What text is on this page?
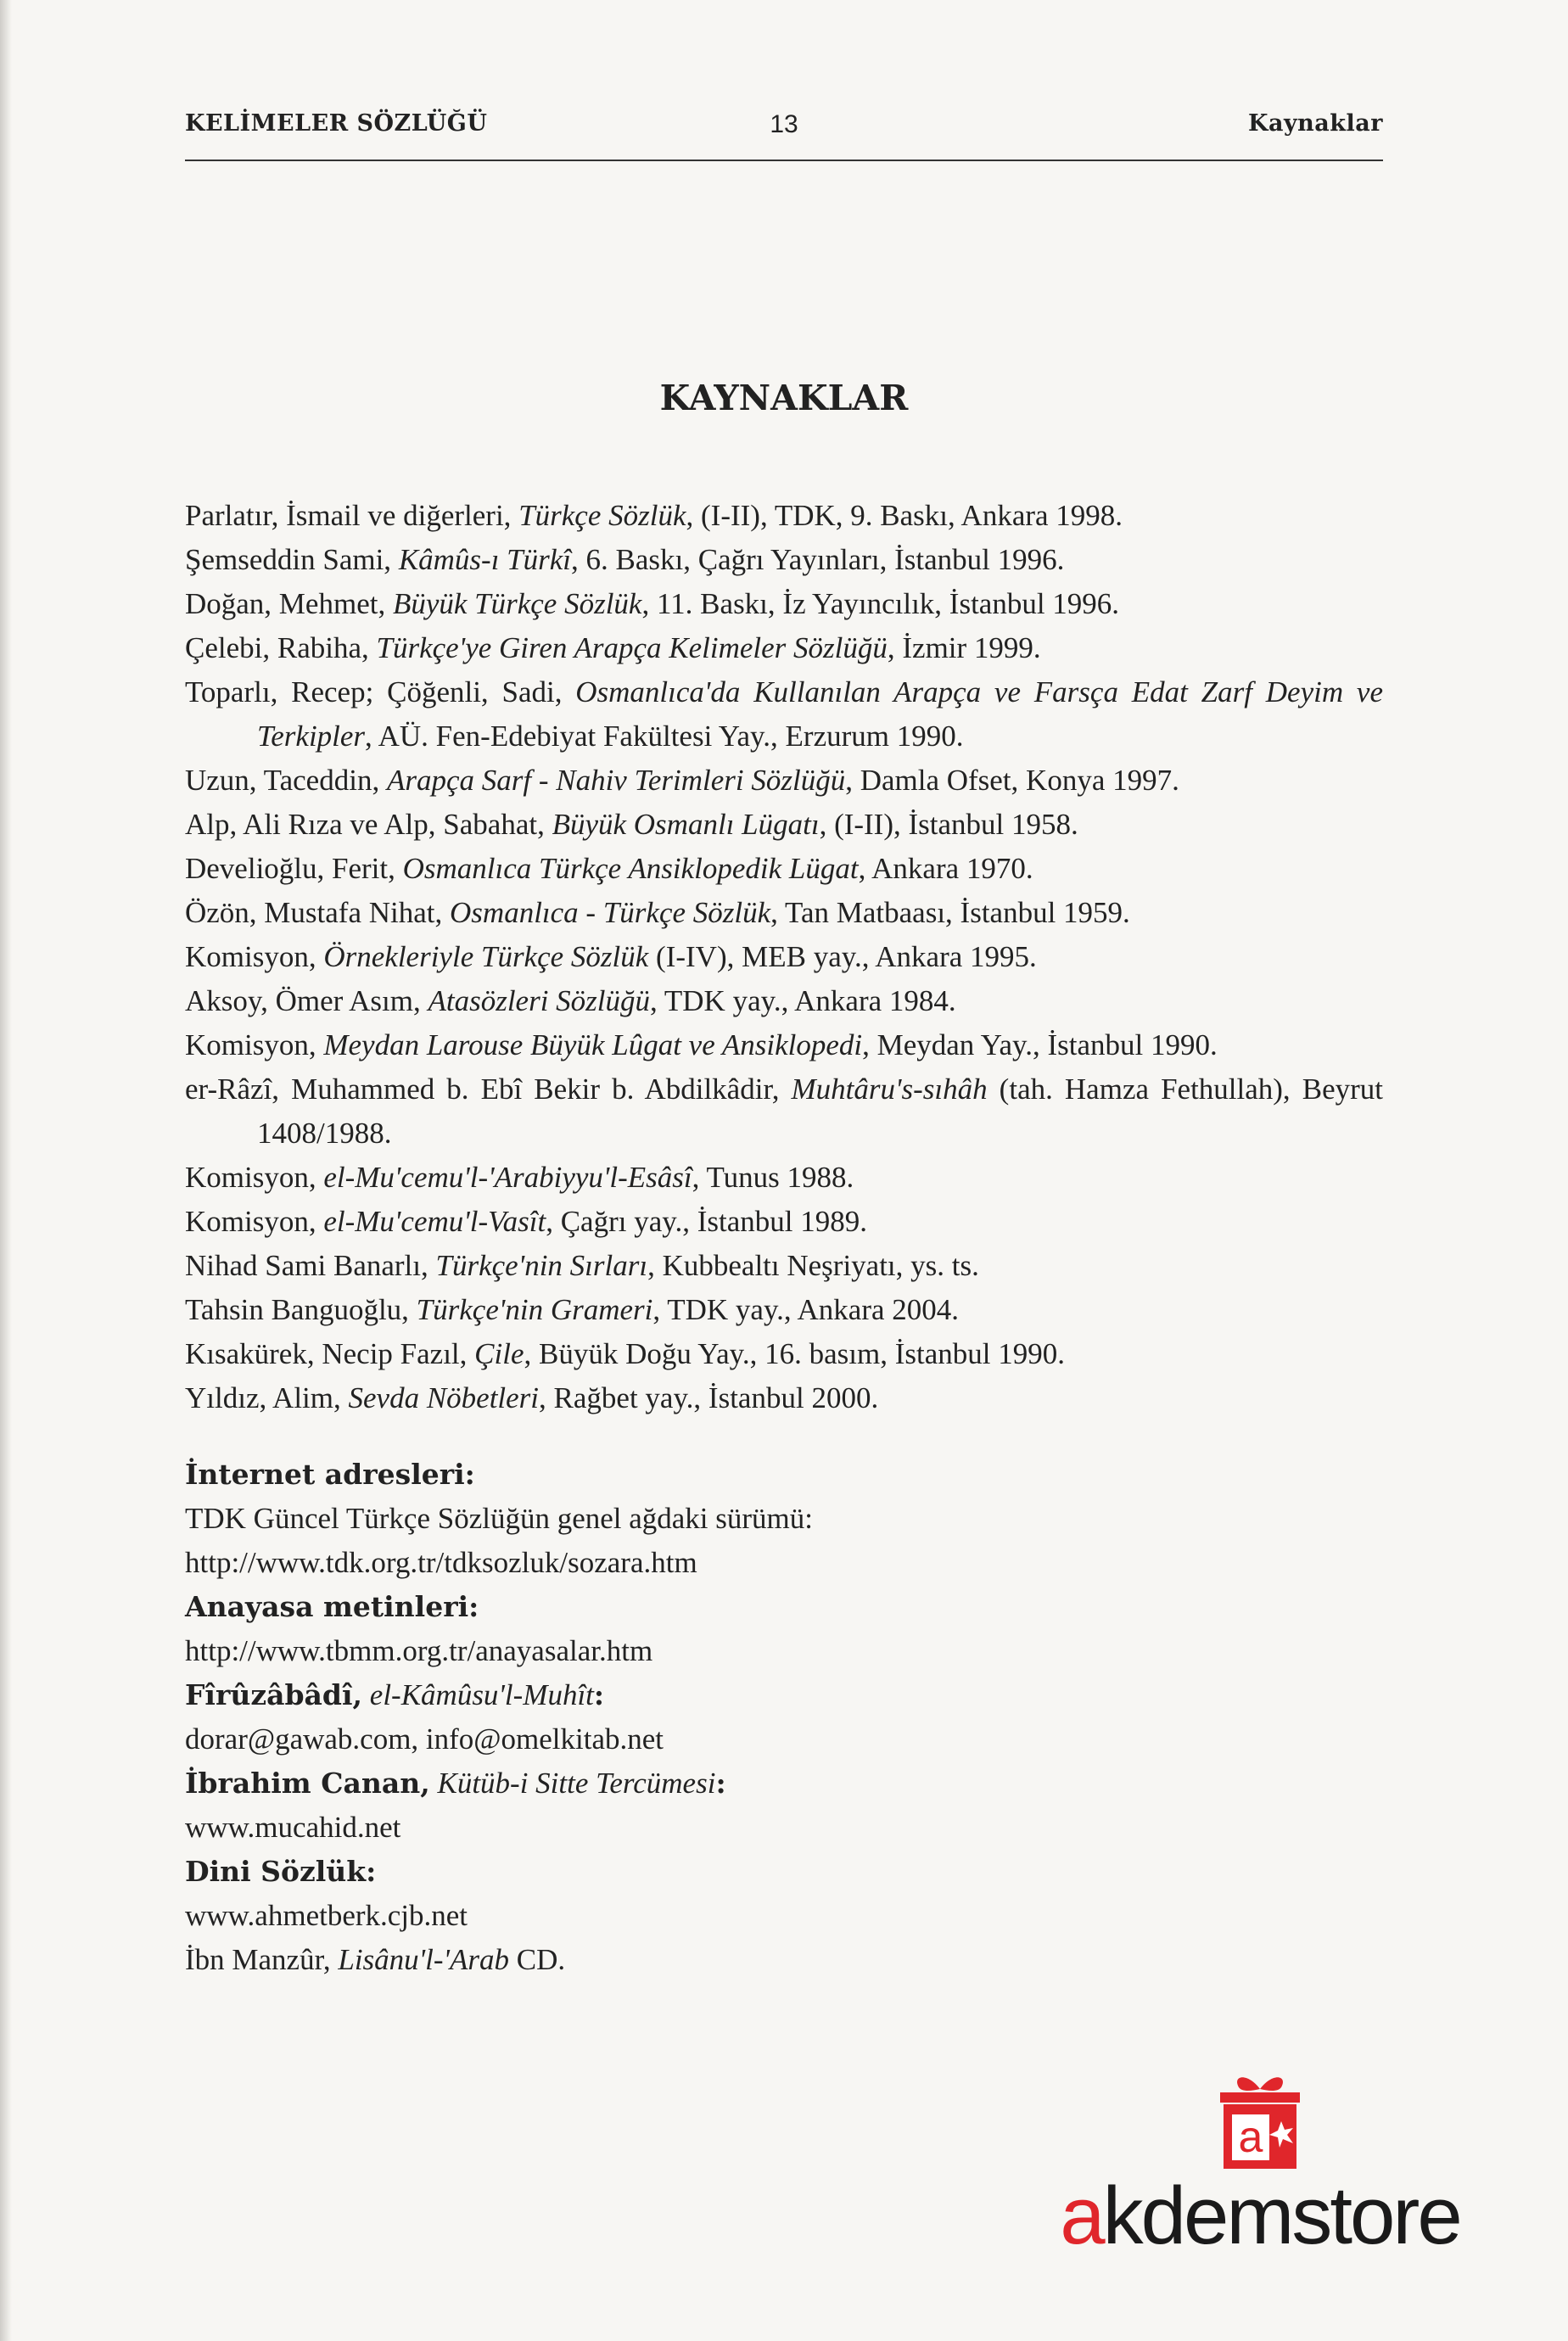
KELİMELER SÖZLÜĞÜ	13	Kaynaklar
KAYNAKLAR

Parlatır, İsmail ve diğerleri, Türkçe Sözlük, (I-II), TDK, 9. Baskı, Ankara 1998.

Şemseddin Sami, Kâmûs-ı Türkî, 6. Baskı, Çağrı Yayınları, İstanbul 1996.

Doğan, Mehmet, Büyük Türkçe Sözlük, 11. Baskı, İz Yayıncılık, İstanbul 1996.

Çelebi, Rabiha, Türkçe'ye Giren Arapça Kelimeler Sözlüğü, İzmir 1999.

Toparlı, Recep; Çöğenli, Sadi, Osmanlıca'da Kullanılan Arapça ve Farsça Edat Zarf Deyim ve Terkipler, AÜ. Fen-Edebiyat Fakültesi Yay., Erzurum 1990.

Uzun, Taceddin, Arapça Sarf - Nahiv Terimleri Sözlüğü, Damla Ofset, Konya 1997.

Alp, Ali Rıza ve Alp, Sabahat, Büyük Osmanlı Lügatı, (I-II), İstanbul 1958.

Develioğlu, Ferit, Osmanlıca Türkçe Ansiklopedik Lügat, Ankara 1970.

Özön, Mustafa Nihat, Osmanlıca - Türkçe Sözlük, Tan Matbaası, İstanbul 1959.

Komisyon, Örnekleriyle Türkçe Sözlük (I-IV), MEB yay., Ankara 1995.

Aksoy, Ömer Asım, Atasözleri Sözlüğü, TDK yay., Ankara 1984.

Komisyon, Meydan Larouse Büyük Lûgat ve Ansiklopedi, Meydan Yay., İstanbul 1990.

er-Râzî, Muhammed b. Ebî Bekir b. Abdilkâdir, Muhtâru's-sıhâh (tah. Hamza Fethullah), Beyrut 1408/1988.

Komisyon, el-Mu'cemu'l-'Arabiyyu'l-Esâsî, Tunus 1988.

Komisyon, el-Mu'cemu'l-Vasît, Çağrı yay., İstanbul 1989.

Nihad Sami Banarlı, Türkçe'nin Sırları, Kubbealtı Neşriyatı, ys. ts.

Tahsin Banguoğlu, Türkçe'nin Grameri, TDK yay., Ankara 2004.

Kısakürek, Necip Fazıl, Çile, Büyük Doğu Yay., 16. basım, İstanbul 1990.

Yıldız, Alim, Sevda Nöbetleri, Rağbet yay., İstanbul 2000.

İnternet adresleri:

TDK Güncel Türkçe Sözlüğün genel ağdaki sürümü:

http://www.tdk.org.tr/tdksozluk/sozara.htm

Anayasa metinleri:

http://www.tbmm.org.tr/anayasalar.htm

Fîrûzâbâdî, el-Kâmûsu'l-Muhît:

dorar@gawab.com, info@omelkitab.net

İbrahim Canan, Kütüb-i Sitte Tercümesi:

www.mucahid.net

Dini Sözlük:

www.ahmetberk.cjb.net

İbn Manzûr, Lisânu'l-'Arab CD.

a
akdemstore
